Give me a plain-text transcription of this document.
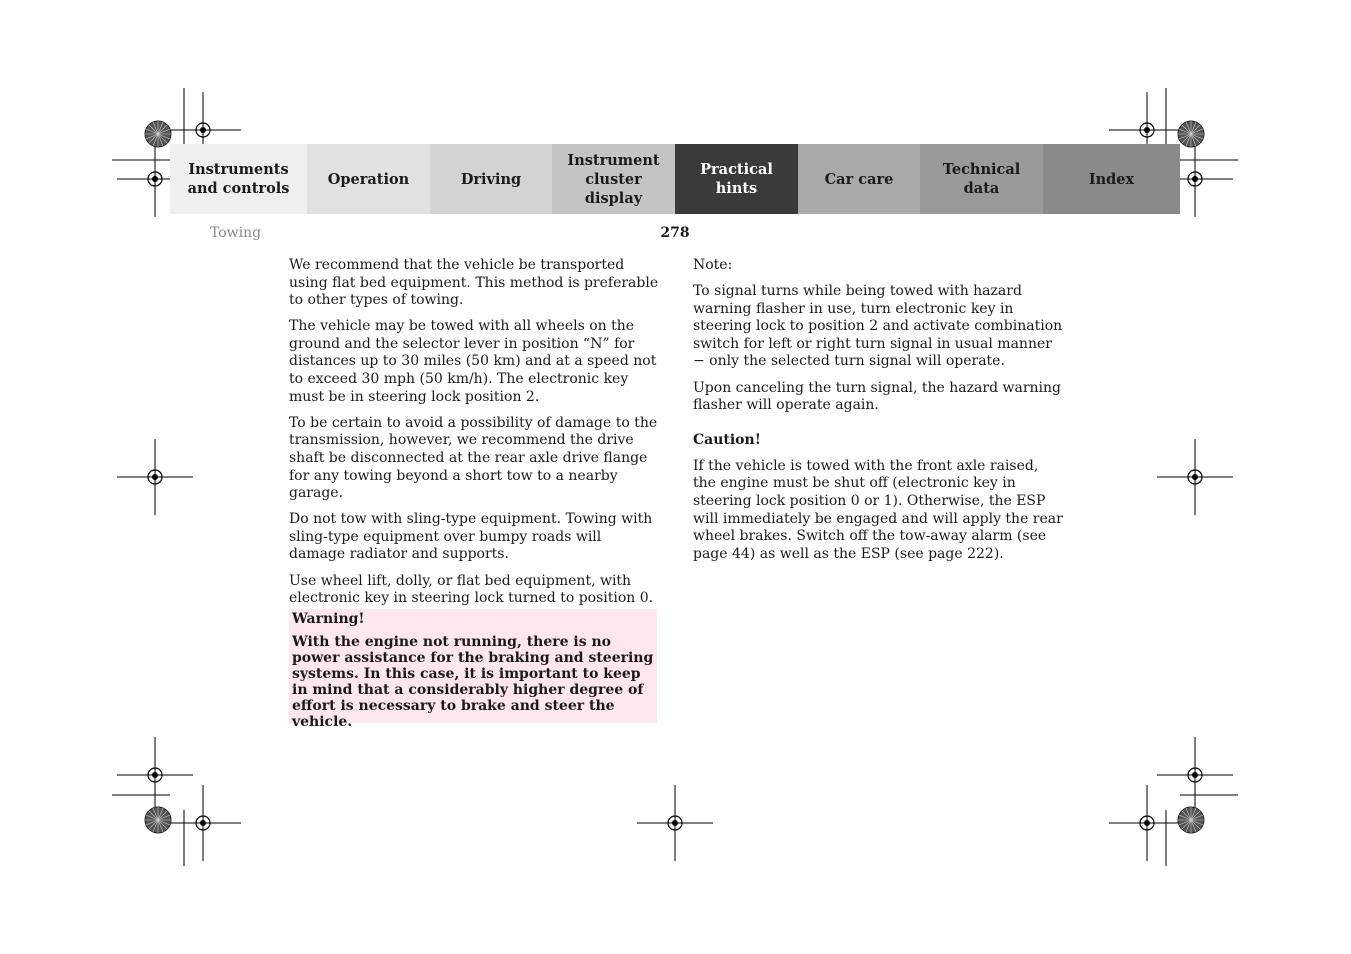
Instruments
and controls
Operation	Driving
Instrument
cluster display
Practical hints
Car care
Technical
data
Index
Towing	278

We recommend that the vehicle be transported using flat bed equipment. This method is preferable to other types of towing.

The vehicle may be towed with all wheels on the ground and the selector lever in position “N” for distances up to 30 miles (50 km) and at a speed not to exceed 30 mph (50 km/h). The electronic key must be in steering lock position 2.

To be certain to avoid a possibility of damage to the transmission, however, we recommend the drive shaft be disconnected at the rear axle drive flange for any towing beyond a short tow to a nearby garage.

Do not tow with sling-type equipment. Towing with sling-type equipment over bumpy roads will damage radiator and supports.

Use wheel lift, dolly, or flat bed equipment, with electronic key in steering lock turned to position 0.

Warning!

With the engine not running, there is no power assistance for the braking and steering systems. In this case, it is important to keep in mind that a considerably higher degree of effort is necessary to brake and steer the vehicle.

Note:

To signal turns while being towed with hazard warning flasher in use, turn electronic key in steering lock to position 2 and activate combination switch for left or right turn signal in usual manner − only the selected turn signal will operate.

Upon canceling the turn signal, the hazard warning flasher will operate again.

Caution!

If the vehicle is towed with the front axle raised, the engine must be shut off (electronic key in steering lock position 0 or 1). Otherwise, the ESP will immediately be engaged and will apply the rear wheel brakes. Switch off the tow-away alarm (see page 44) as well as the ESP (see page 222).
